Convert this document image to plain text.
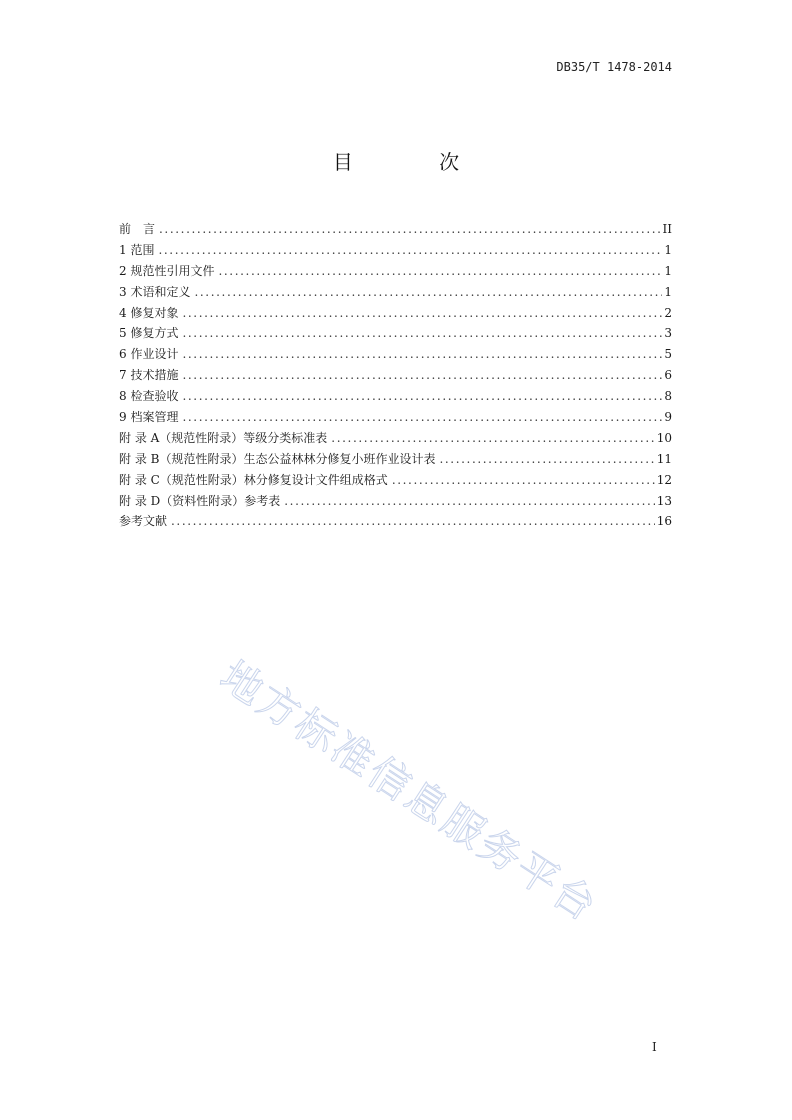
DB35/T 1478-2014
目 次
前　言 .....	II
1 范围 .....	1
2 规范性引用文件 .....	1
3 术语和定义 .....	1
4 修复对象 .....	2
5 修复方式 .....	3
6 作业设计 .....	5
7 技术措施 .....	6
8 检查验收 .....	8
9 档案管理 .....	9
附 录 A（规范性附录）等级分类标准表 .....	10
附 录 B（规范性附录）生态公益林林分修复小班作业设计表 .....	11
附 录 C（规范性附录）林分修复设计文件组成格式 .....	12
附 录 D（资料性附录）参考表 .....	13
参考文献 .....	16
地方标准信息服务平台
I
